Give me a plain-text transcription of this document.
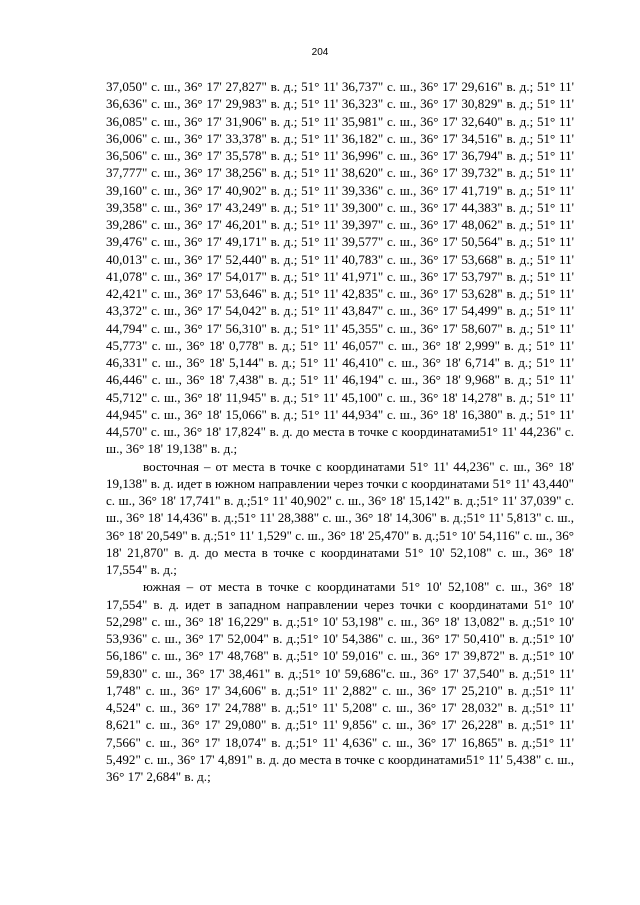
204

37,050" с. ш., 36° 17' 27,827" в. д.; 51° 11' 36,737" с. ш., 36° 17' 29,616" в. д.; 51° 11' 36,636" с. ш., 36° 17' 29,983" в. д.; 51° 11' 36,323" с. ш., 36° 17' 30,829" в. д.; 51° 11' 36,085" с. ш., 36° 17' 31,906" в. д.; 51° 11' 35,981" с. ш., 36° 17' 32,640" в. д.; 51° 11' 36,006" с. ш., 36° 17' 33,378" в. д.; 51° 11' 36,182" с. ш., 36° 17' 34,516" в. д.; 51° 11' 36,506" с. ш., 36° 17' 35,578" в. д.; 51° 11' 36,996" с. ш., 36° 17' 36,794" в. д.; 51° 11' 37,777" с. ш., 36° 17' 38,256" в. д.; 51° 11' 38,620" с. ш., 36° 17' 39,732" в. д.; 51° 11' 39,160" с. ш., 36° 17' 40,902" в. д.; 51° 11' 39,336" с. ш., 36° 17' 41,719" в. д.; 51° 11' 39,358" с. ш., 36° 17' 43,249" в. д.; 51° 11' 39,300" с. ш., 36° 17' 44,383" в. д.; 51° 11' 39,286" с. ш., 36° 17' 46,201" в. д.; 51° 11' 39,397" с. ш., 36° 17' 48,062" в. д.; 51° 11' 39,476" с. ш., 36° 17' 49,171" в. д.; 51° 11' 39,577" с. ш., 36° 17' 50,564" в. д.; 51° 11' 40,013" с. ш., 36° 17' 52,440" в. д.; 51° 11' 40,783" с. ш., 36° 17' 53,668" в. д.; 51° 11' 41,078" с. ш., 36° 17' 54,017" в. д.; 51° 11' 41,971" с. ш., 36° 17' 53,797" в. д.; 51° 11' 42,421" с. ш., 36° 17' 53,646" в. д.; 51° 11' 42,835" с. ш., 36° 17' 53,628" в. д.; 51° 11' 43,372" с. ш., 36° 17' 54,042" в. д.; 51° 11' 43,847" с. ш., 36° 17' 54,499" в. д.; 51° 11' 44,794" с. ш., 36° 17' 56,310" в. д.; 51° 11' 45,355" с. ш., 36° 17' 58,607" в. д.; 51° 11' 45,773" с. ш., 36° 18' 0,778" в. д.; 51° 11' 46,057" с. ш., 36° 18' 2,999" в. д.; 51° 11' 46,331" с. ш., 36° 18' 5,144" в. д.; 51° 11' 46,410" с. ш., 36° 18' 6,714" в. д.; 51° 11' 46,446" с. ш., 36° 18' 7,438" в. д.; 51° 11' 46,194" с. ш., 36° 18' 9,968" в. д.; 51° 11' 45,712" с. ш., 36° 18' 11,945" в. д.; 51° 11' 45,100" с. ш., 36° 18' 14,278" в. д.; 51° 11' 44,945" с. ш., 36° 18' 15,066" в. д.; 51° 11' 44,934" с. ш., 36° 18' 16,380" в. д.; 51° 11' 44,570" с. ш., 36° 18' 17,824" в. д. до места в точке с координатами51° 11' 44,236" с. ш., 36° 18' 19,138" в. д.;

восточная – от места в точке с координатами 51° 11' 44,236" с. ш., 36° 18' 19,138" в. д. идет в южном направлении через точки с координатами 51° 11' 43,440" с. ш., 36° 18' 17,741" в. д.;51° 11' 40,902" с. ш., 36° 18' 15,142" в. д.;51° 11' 37,039" с. ш., 36° 18' 14,436" в. д.;51° 11' 28,388" с. ш., 36° 18' 14,306" в. д.;51° 11' 5,813" с. ш., 36° 18' 20,549" в. д.;51° 11' 1,529" с. ш., 36° 18' 25,470" в. д.;51° 10' 54,116" с. ш., 36° 18' 21,870" в. д. до места в точке с координатами 51° 10' 52,108" с. ш., 36° 18' 17,554" в. д.;

южная – от места в точке с координатами 51° 10' 52,108" с. ш., 36° 18' 17,554" в. д. идет в западном направлении через точки с координатами 51° 10' 52,298" с. ш., 36° 18' 16,229" в. д.;51° 10' 53,198" с. ш., 36° 18' 13,082" в. д.;51° 10' 53,936" с. ш., 36° 17' 52,004" в. д.;51° 10' 54,386" с. ш., 36° 17' 50,410" в. д.;51° 10' 56,186" с. ш., 36° 17' 48,768" в. д.;51° 10' 59,016" с. ш., 36° 17' 39,872" в. д.;51° 10' 59,830" с. ш., 36° 17' 38,461" в. д.;51° 10' 59,686"с. ш., 36° 17' 37,540" в. д.;51° 11' 1,748" с. ш., 36° 17' 34,606" в. д.;51° 11' 2,882" с. ш., 36° 17' 25,210" в. д.;51° 11' 4,524" с. ш., 36° 17' 24,788" в. д.;51° 11' 5,208" с. ш., 36° 17' 28,032" в. д.;51° 11' 8,621" с. ш., 36° 17' 29,080" в. д.;51° 11' 9,856" с. ш., 36° 17' 26,228" в. д.;51° 11' 7,566" с. ш., 36° 17' 18,074" в. д.;51° 11' 4,636" с. ш., 36° 17' 16,865" в. д.;51° 11' 5,492" с. ш., 36° 17' 4,891" в. д. до места в точке с координатами51° 11' 5,438" с. ш., 36° 17' 2,684" в. д.;
